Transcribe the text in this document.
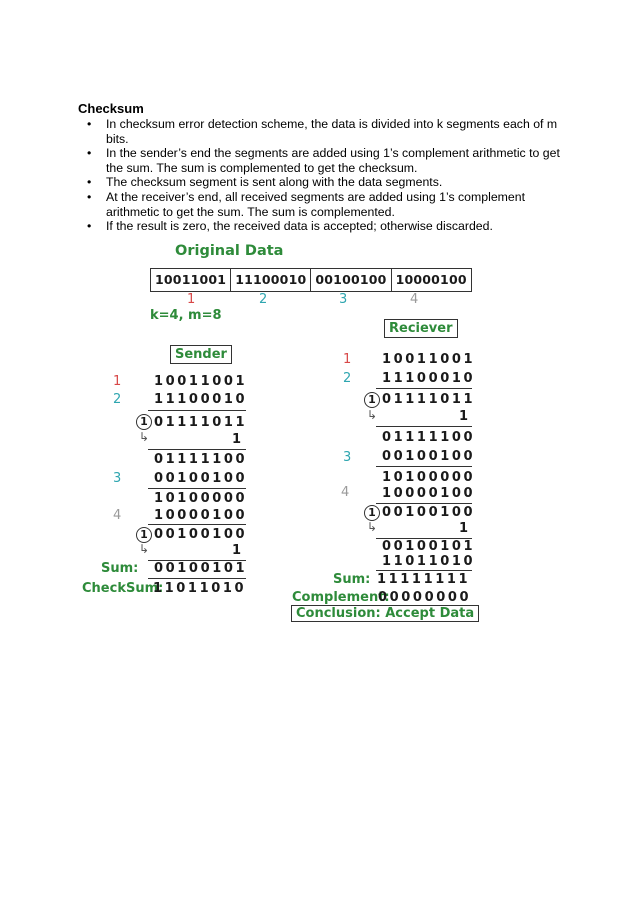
Checksum
• In checksum error detection scheme, the data is divided into k segments each of m bits.
• In the sender’s end the segments are added using 1’s complement arithmetic to get the sum. The sum is complemented to get the checksum.
• The checksum segment is sent along with the data segments.
• At the receiver’s end, all received segments are added using 1’s complement arithmetic to get the sum. The sum is complemented.
• If the result is zero, the received data is accepted; otherwise discarded.
Original Data
10011001 11100010 00100100 10000100
1	2	3	4
k=4, m=8
Sender
1	10011001
2	11100010
1 01111011
↳	1
01111100
3	00100100
10100000
4	10000100
1 00100100
↳	1
Sum: 00100101
CheckSum:
11011010
Reciever
1 10011001
2 11100010
1 01111011
↳	1
01111100
3 00100100
10100000
4	10000100
1 00100100
↳	1
00100101
11011010
Sum: 11111111
Complement:
00000000
Conclusion: Accept Data
